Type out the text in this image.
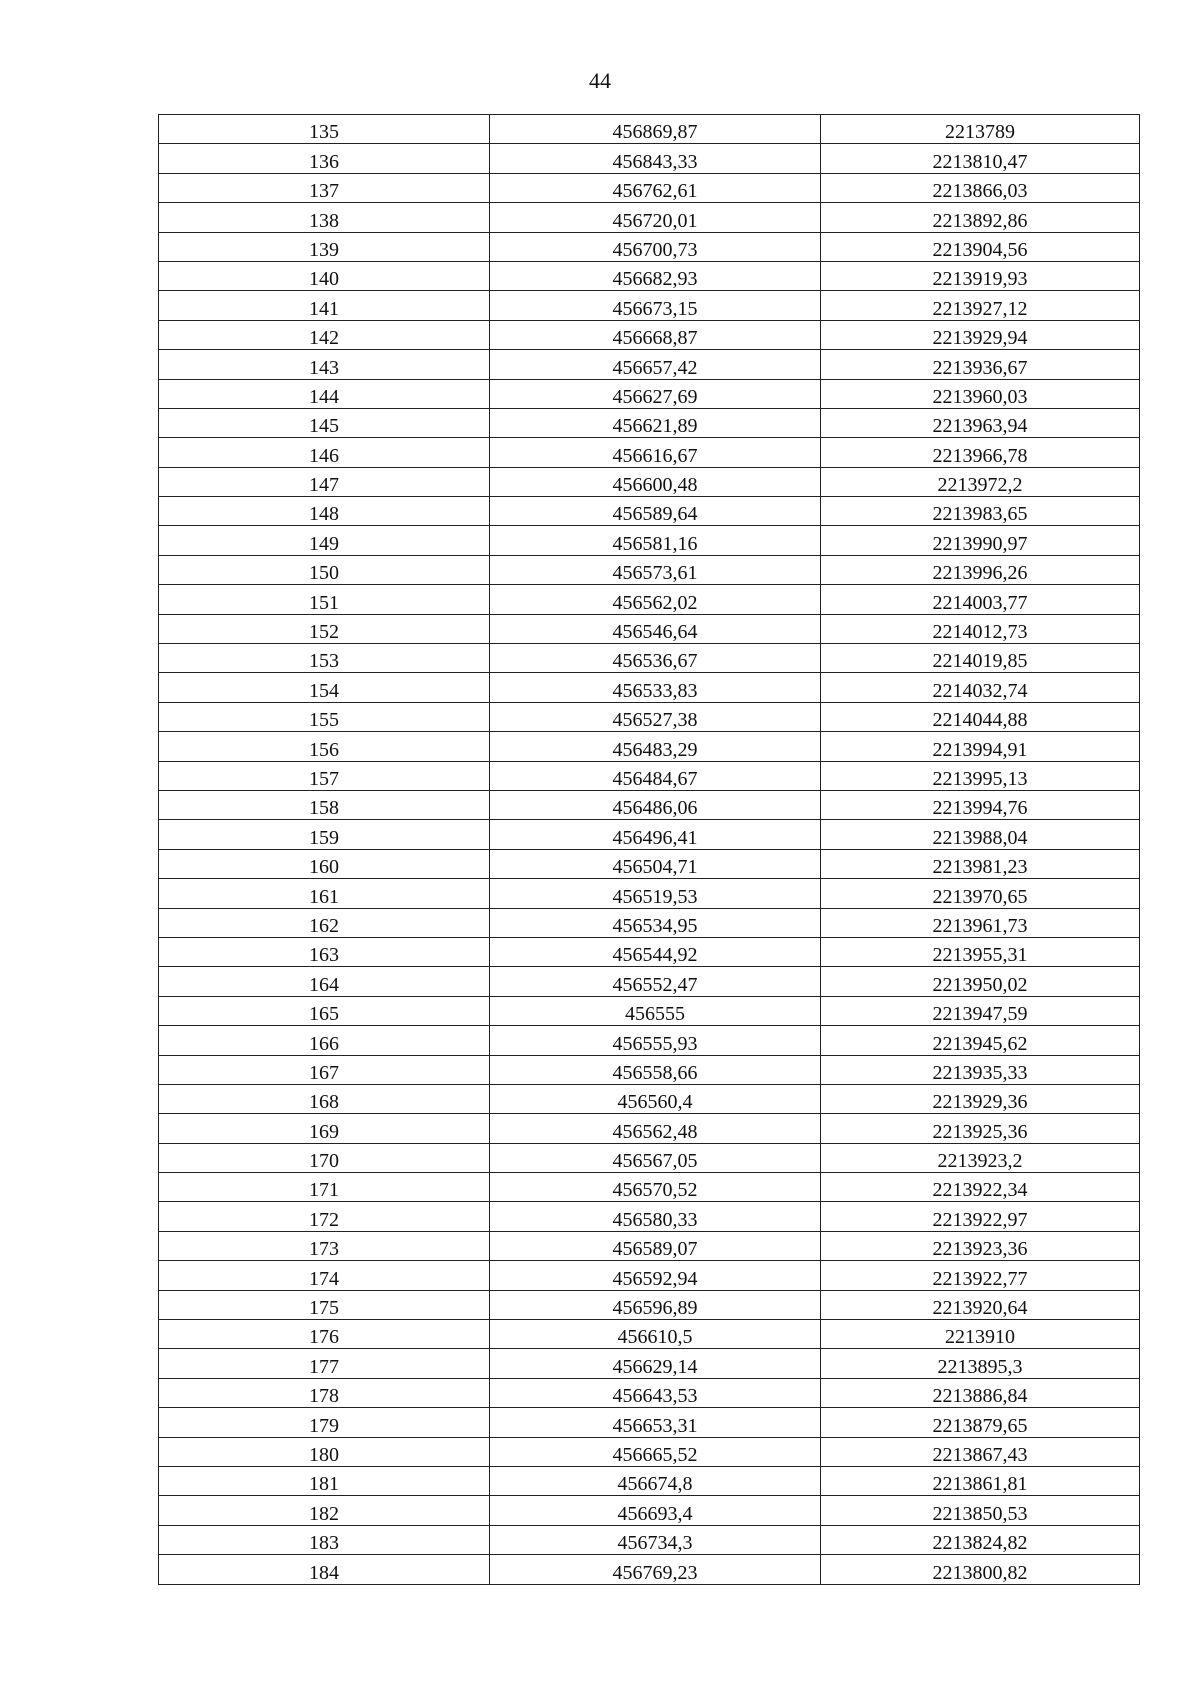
44
135	456869,87	2213789
136	456843,33	2213810,47
137	456762,61	2213866,03
138	456720,01	2213892,86
139	456700,73	2213904,56
140	456682,93	2213919,93
141	456673,15	2213927,12
142	456668,87	2213929,94
143	456657,42	2213936,67
144	456627,69	2213960,03
145	456621,89	2213963,94
146	456616,67	2213966,78
147	456600,48	2213972,2
148	456589,64	2213983,65
149	456581,16	2213990,97
150	456573,61	2213996,26
151	456562,02	2214003,77
152	456546,64	2214012,73
153	456536,67	2214019,85
154	456533,83	2214032,74
155	456527,38	2214044,88
156	456483,29	2213994,91
157	456484,67	2213995,13
158	456486,06	2213994,76
159	456496,41	2213988,04
160	456504,71	2213981,23
161	456519,53	2213970,65
162	456534,95	2213961,73
163	456544,92	2213955,31
164	456552,47	2213950,02
165	456555	2213947,59
166	456555,93	2213945,62
167	456558,66	2213935,33
168	456560,4	2213929,36
169	456562,48	2213925,36
170	456567,05	2213923,2
171	456570,52	2213922,34
172	456580,33	2213922,97
173	456589,07	2213923,36
174	456592,94	2213922,77
175	456596,89	2213920,64
176	456610,5	2213910
177	456629,14	2213895,3
178	456643,53	2213886,84
179	456653,31	2213879,65
180	456665,52	2213867,43
181	456674,8	2213861,81
182	456693,4	2213850,53
183	456734,3	2213824,82
184	456769,23	2213800,82
